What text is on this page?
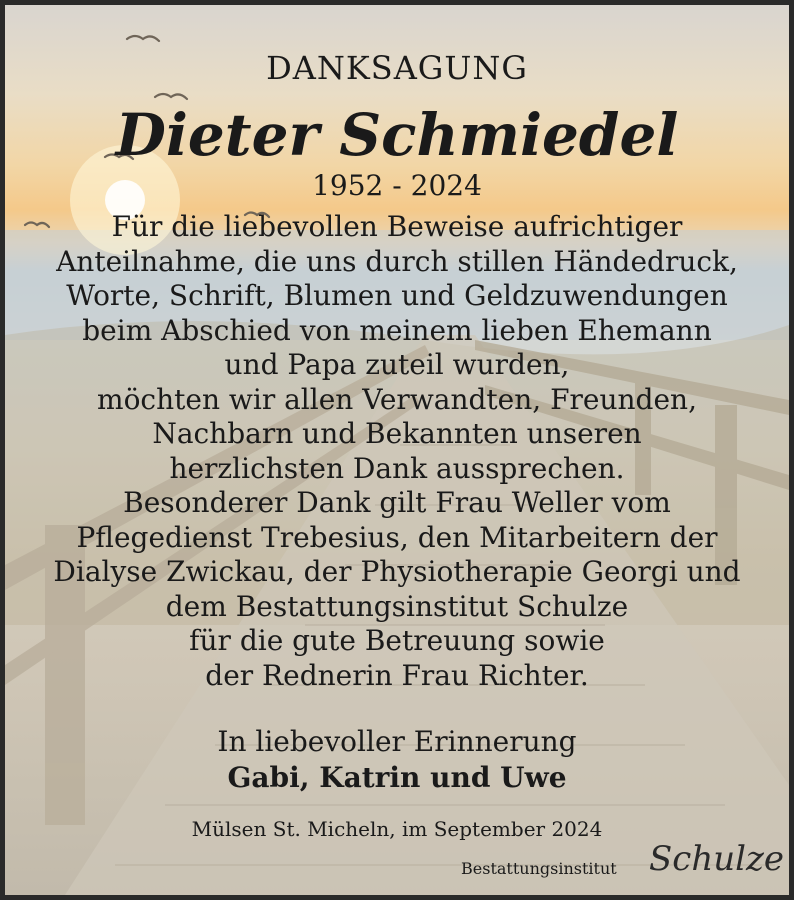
DANKSAGUNG
Dieter Schmiedel
1952 - 2024
Für die liebevollen Beweise aufrichtiger
Anteilnahme, die uns durch stillen Händedruck,
Worte, Schrift, Blumen und Geldzuwendungen
beim Abschied von meinem lieben Ehemann
und Papa zuteil wurden,
möchten wir allen Verwandten, Freunden,
Nachbarn und Bekannten unseren
herzlichsten Dank aussprechen.
Besonderer Dank gilt Frau Weller vom
Pflegedienst Trebesius, den Mitarbeitern der
Dialyse Zwickau, der Physiotherapie Georgi und
dem Bestattungsinstitut Schulze
für die gute Betreuung sowie
der Rednerin Frau Richter.
In liebevoller Erinnerung
Gabi, Katrin und Uwe
Mülsen St. Micheln, im September 2024
Bestattungsinstitut Schulze
